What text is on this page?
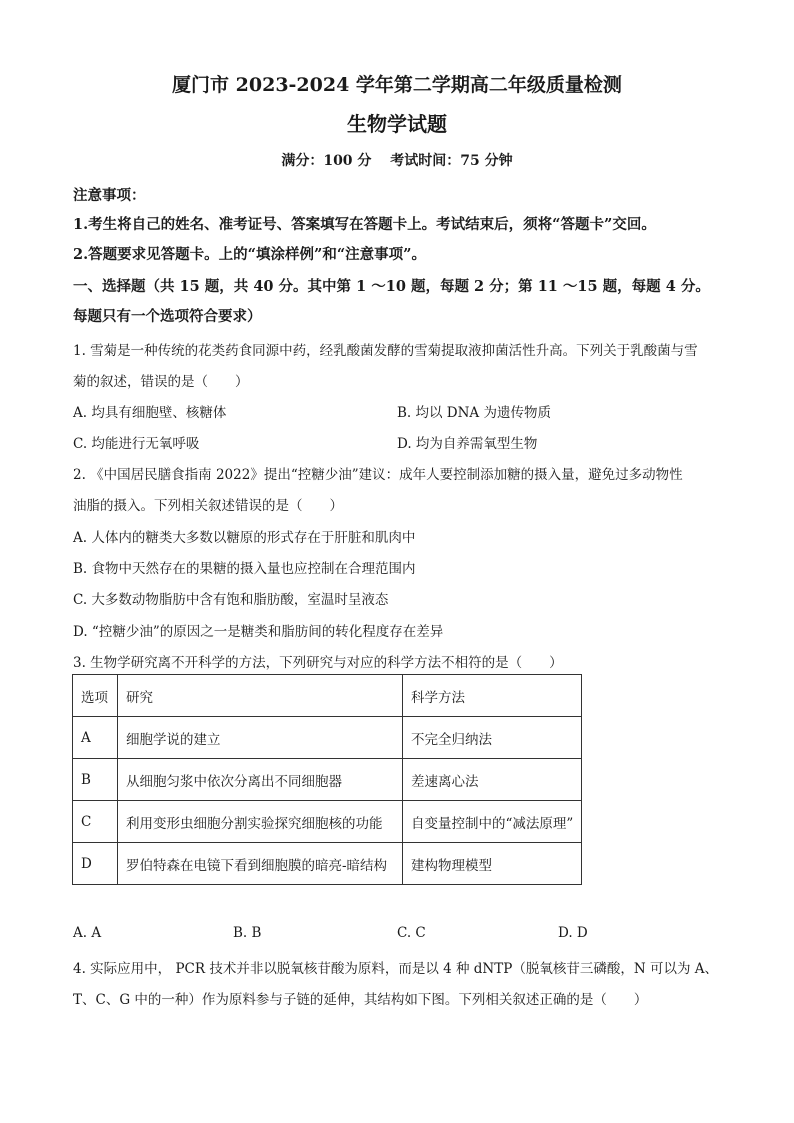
厦门市 2023-2024 学年第二学期高二年级质量检测
生物学试题
满分：100 分　 考试时间：75 分钟
注意事项：
1.考生将自己的姓名、准考证号、答案填写在答题卡上。考试结束后，须将“答题卡”交回。
2.答题要求见答题卡。上的“填涂样例”和“注意事项”。
一、选择题（共 15 题，共 40 分。其中第 1 ～10 题，每题 2 分；第 11 ～15 题，每题 4 分。
每题只有一个选项符合要求）
1. 雪菊是一种传统的花类药食同源中药，经乳酸菌发酵的雪菊提取液抑菌活性升高。下列关于乳酸菌与雪
菊的叙述，错误的是（　　）
A. 均具有细胞壁、核糖体	B. 均以 DNA 为遗传物质
C. 均能进行无氧呼吸	D. 均为自养需氧型生物
2. 《中国居民膳食指南 2022》提出“控糖少油”建议：成年人要控制添加糖的摄入量，避免过多动物性
油脂的摄入。下列相关叙述错误的是（　　）
A. 人体内的糖类大多数以糖原的形式存在于肝脏和肌肉中
B. 食物中天然存在的果糖的摄入量也应控制在合理范围内
C. 大多数动物脂肪中含有饱和脂肪酸，室温时呈液态
D. “控糖少油”的原因之一是糖类和脂肪间的转化程度存在差异
3. 生物学研究离不开科学的方法，下列研究与对应的科学方法不相符的是（　　）
选项	研究	科学方法
A	细胞学说的建立	不完全归纳法
B	从细胞匀浆中依次分离出不同细胞器	差速离心法
C	利用变形虫细胞分割实验探究细胞核的功能	自变量控制中的“减法原理”
D	罗伯特森在电镜下看到细胞膜的暗亮-暗结构	建构物理模型
A. A	B. B	C. C	D. D
4. 实际应用中， PCR 技术并非以脱氧核苷酸为原料，而是以 4 种 dNTP（脱氧核苷三磷酸，N 可以为 A、
T、C、G 中的一种）作为原料参与子链的延伸，其结构如下图。下列相关叙述正确的是（　　）
